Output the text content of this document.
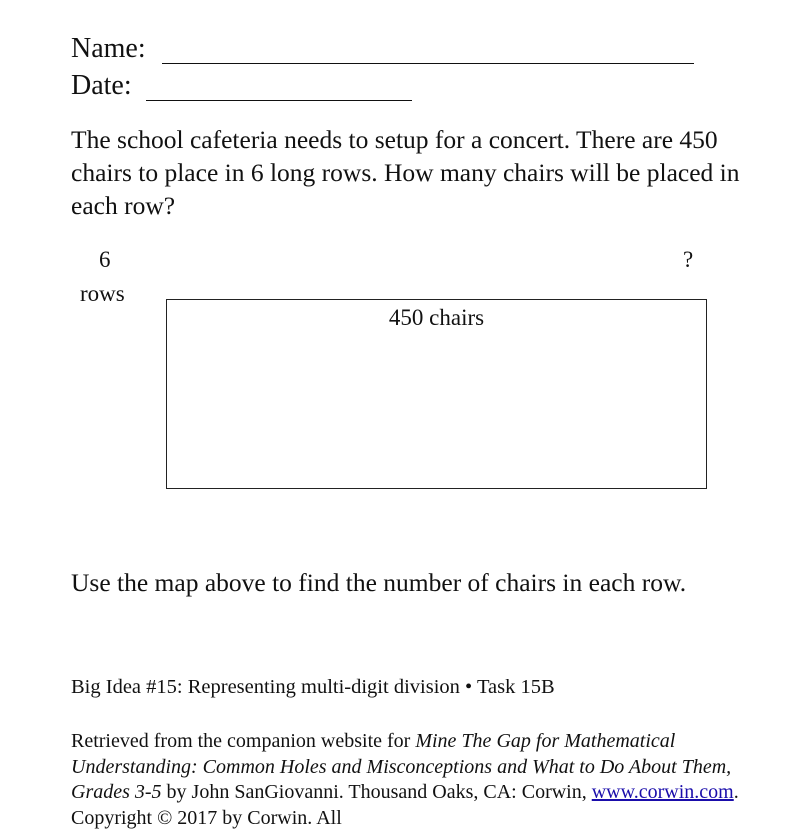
Name:
Date:
The school cafeteria needs to setup for a concert. There are 450 chairs to place in 6 long rows. How many chairs will be placed in each row?
6
rows
?
450 chairs
Use the map above to find the number of chairs in each row.
Big Idea #15: Representing multi-digit division • Task 15B
Retrieved from the companion website for Mine The Gap for Mathematical Understanding: Common Holes and Misconceptions and What to Do About Them, Grades 3-5 by John SanGiovanni. Thousand Oaks, CA: Corwin, www.corwin.com. Copyright © 2017 by Corwin. All
